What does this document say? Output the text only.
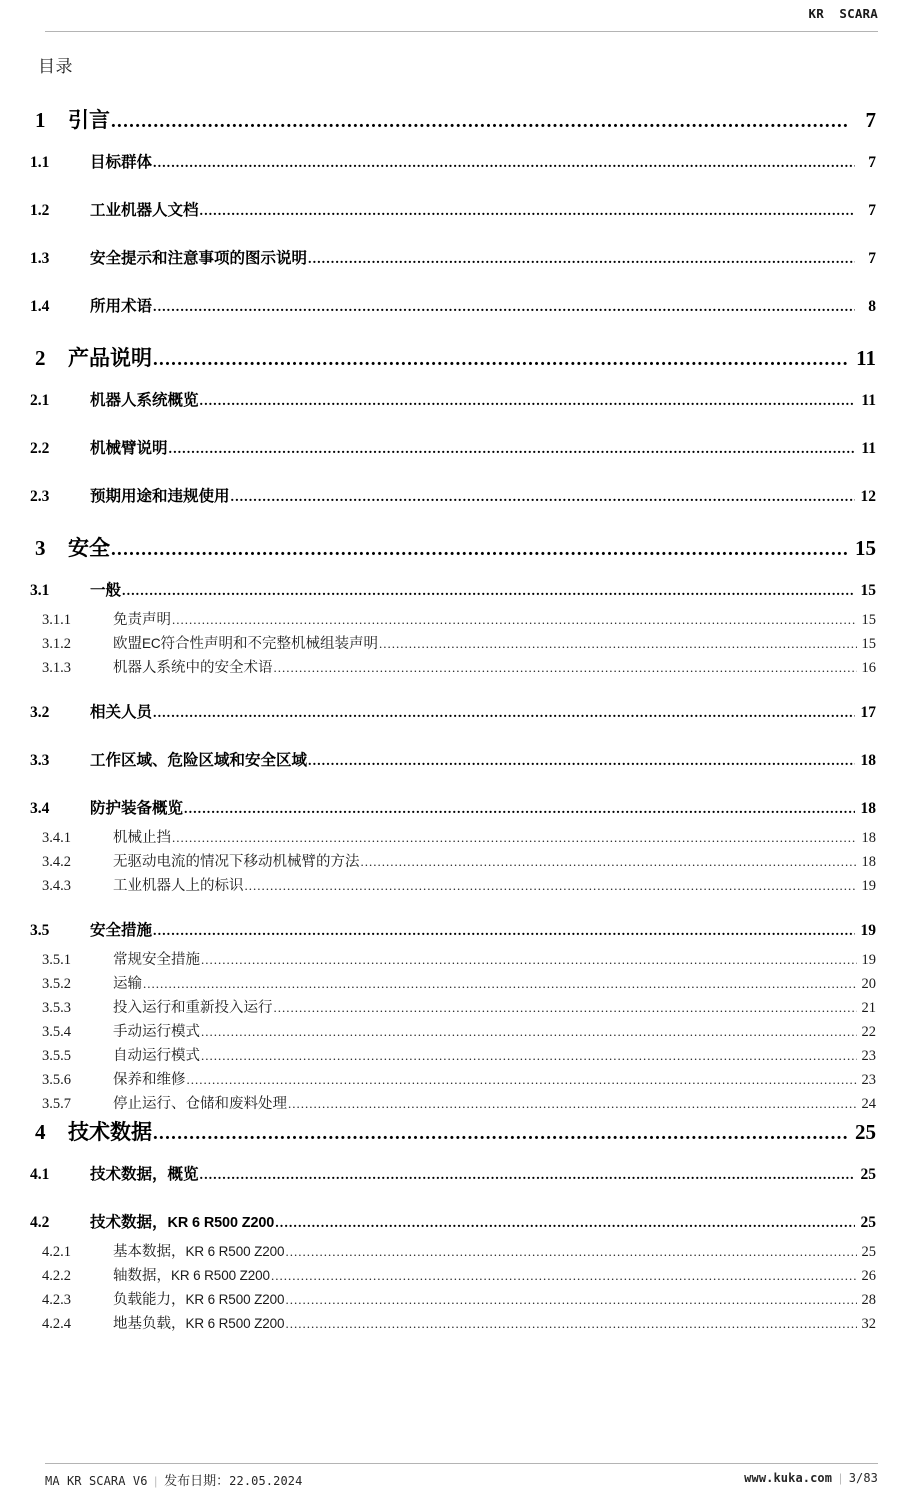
KR  SCARA
目录
1	引言 .....	7
1.1	目标群体 .....	7
1.2	工业机器人文档 .....	7
1.3	安全提示和注意事项的图示说明 .....	7
1.4	所用术语 .....	8
2	产品说明 .....	11
2.1	机器人系统概览 .....	11
2.2	机械臂说明 .....	11
2.3	预期用途和违规使用 .....	12
3	安全 .....	15
3.1	一般 .....	15
3.1.1	免责声明 .....	15
3.1.2	欧盟EC符合性声明和不完整机械组装声明 .....	15
3.1.3	机器人系统中的安全术语 .....	16
3.2	相关人员 .....	17
3.3	工作区域、危险区域和安全区域 .....	18
3.4	防护装备概览 .....	18
3.4.1	机械止挡 .....	18
3.4.2	无驱动电流的情况下移动机械臂的方法 .....	18
3.4.3	工业机器人上的标识 .....	19
3.5	安全措施 .....	19
3.5.1	常规安全措施 .....	19
3.5.2	运输 .....	20
3.5.3	投入运行和重新投入运行 .....	21
3.5.4	手动运行模式 .....	22
3.5.5	自动运行模式 .....	23
3.5.6	保养和维修 .....	23
3.5.7	停止运行、仓储和废料处理 .....	24
4	技术数据 .....	25
4.1	技术数据，概览 .....	25
4.2	技术数据，KR 6 R500 Z200 .....	25
4.2.1	基本数据，KR 6 R500 Z200 .....	25
4.2.2	轴数据，KR 6 R500 Z200 .....	26
4.2.3	负载能力，KR 6 R500 Z200 .....	28
4.2.4	地基负载，KR 6 R500 Z200 .....	32
MA KR SCARA V6 | 发布日期： 22.05.2024	www.kuka.com | 3/83
